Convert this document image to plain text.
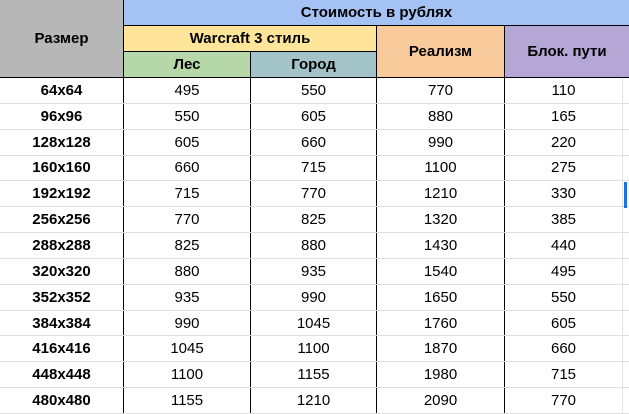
Размер
Стоимость в рублях
Warcraft 3 стиль
Реализм	Блок. пути
Лес	Город
64x64	495	550	770	110
96x96	550	605	880	165
128x128	605	660	990	220
160x160	660	715	1100	275
192x192	715	770	1210	330
256x256	770	825	1320	385
288x288	825	880	1430	440
320x320	880	935	1540	495
352x352	935	990	1650	550
384x384	990	1045	1760	605
416x416	1045	1100	1870	660
448x448	1100	1155	1980	715
480x480	1155	1210	2090	770
